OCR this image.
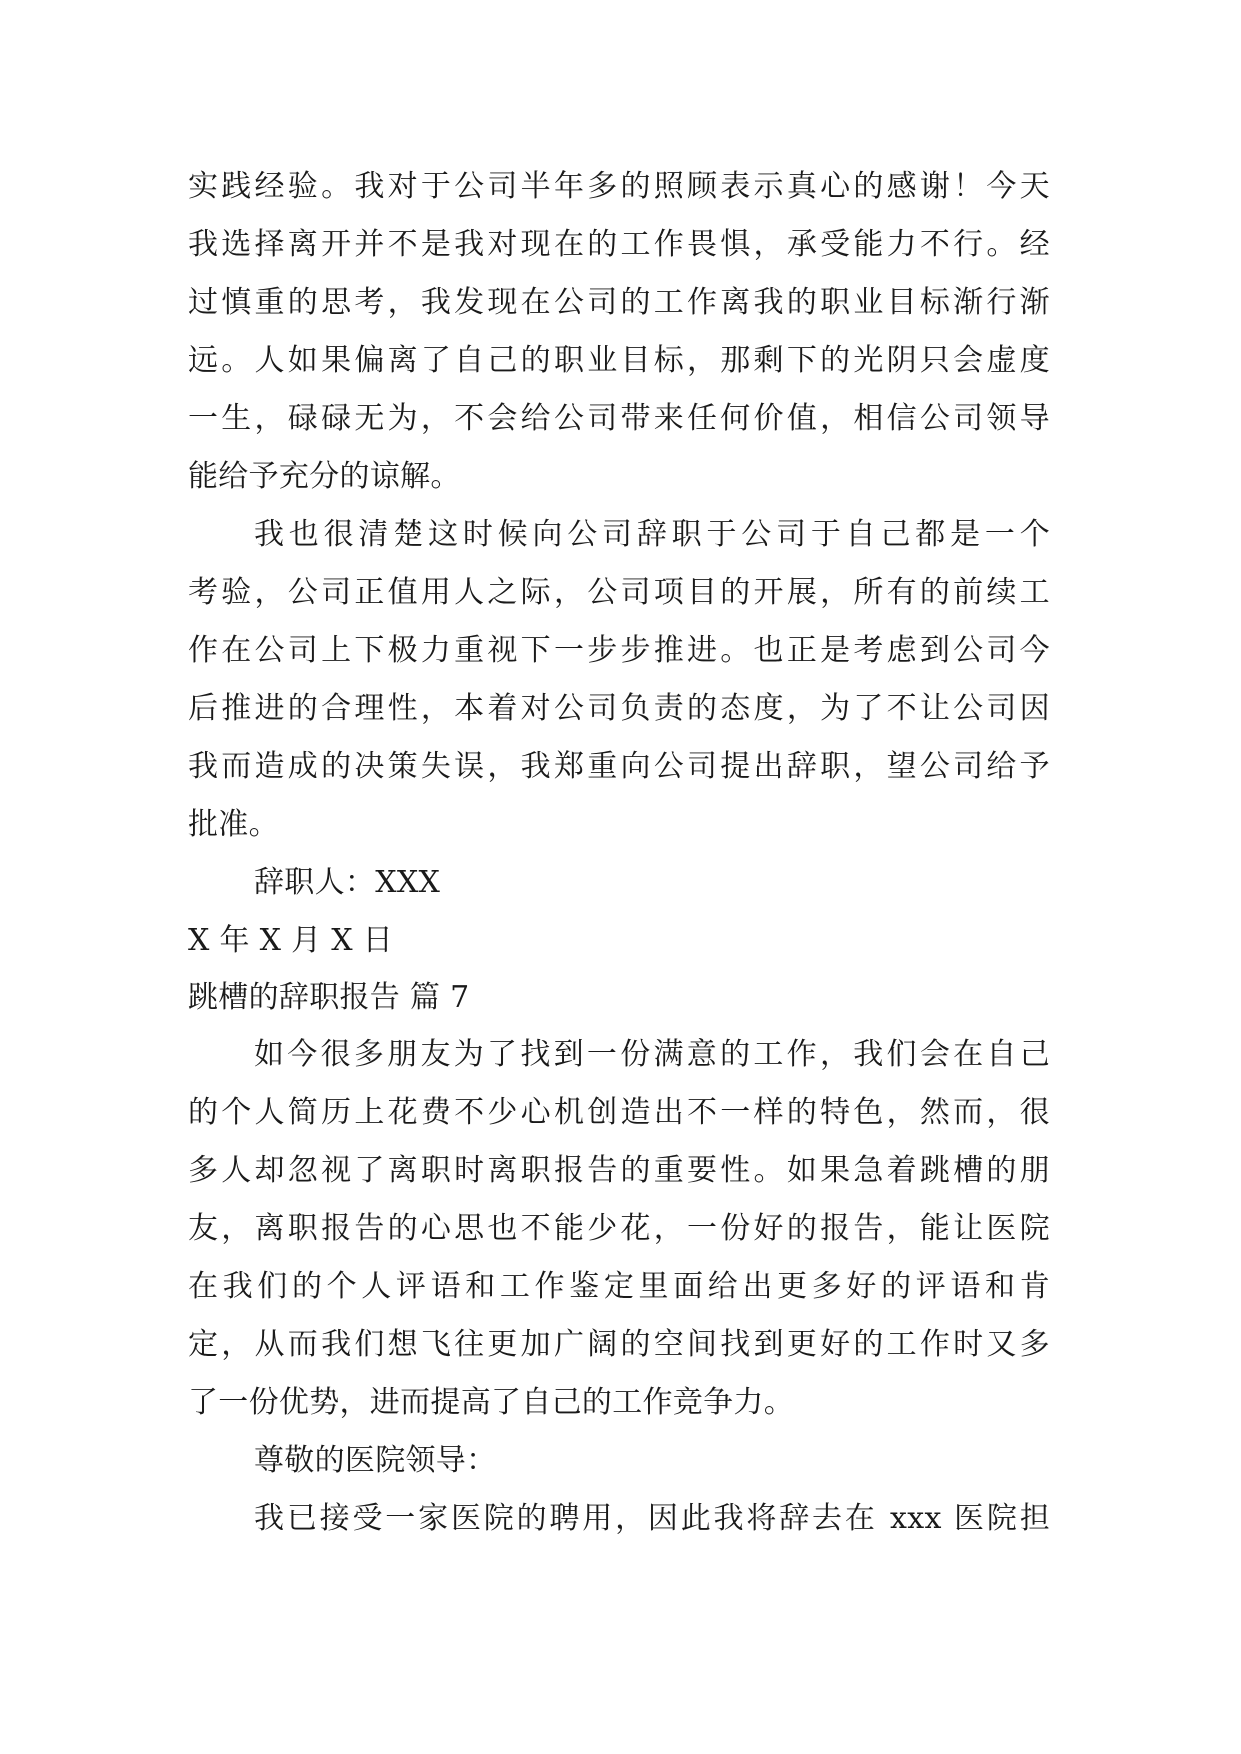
实践经验。我对于公司半年多的照顾表示真心的感谢！今天
我选择离开并不是我对现在的工作畏惧，承受能力不行。经
过慎重的思考，我发现在公司的工作离我的职业目标渐行渐
远。人如果偏离了自己的职业目标，那剩下的光阴只会虚度
一生，碌碌无为，不会给公司带来任何价值，相信公司领导
能给予充分的谅解。
我也很清楚这时候向公司辞职于公司于自己都是一个
考验，公司正值用人之际，公司项目的开展，所有的前续工
作在公司上下极力重视下一步步推进。也正是考虑到公司今
后推进的合理性，本着对公司负责的态度，为了不让公司因
我而造成的决策失误，我郑重向公司提出辞职，望公司给予
批准。
辞职人：XXX
X 年 X 月 X 日
跳槽的辞职报告 篇 7
如今很多朋友为了找到一份满意的工作，我们会在自己
的个人简历上花费不少心机创造出不一样的特色，然而，很
多人却忽视了离职时离职报告的重要性。如果急着跳槽的朋
友，离职报告的心思也不能少花，一份好的报告，能让医院
在我们的个人评语和工作鉴定里面给出更多好的评语和肯
定，从而我们想飞往更加广阔的空间找到更好的工作时又多
了一份优势，进而提高了自己的工作竞争力。
尊敬的医院领导：
我已接受一家医院的聘用，因此我将辞去在 xxx 医院担
